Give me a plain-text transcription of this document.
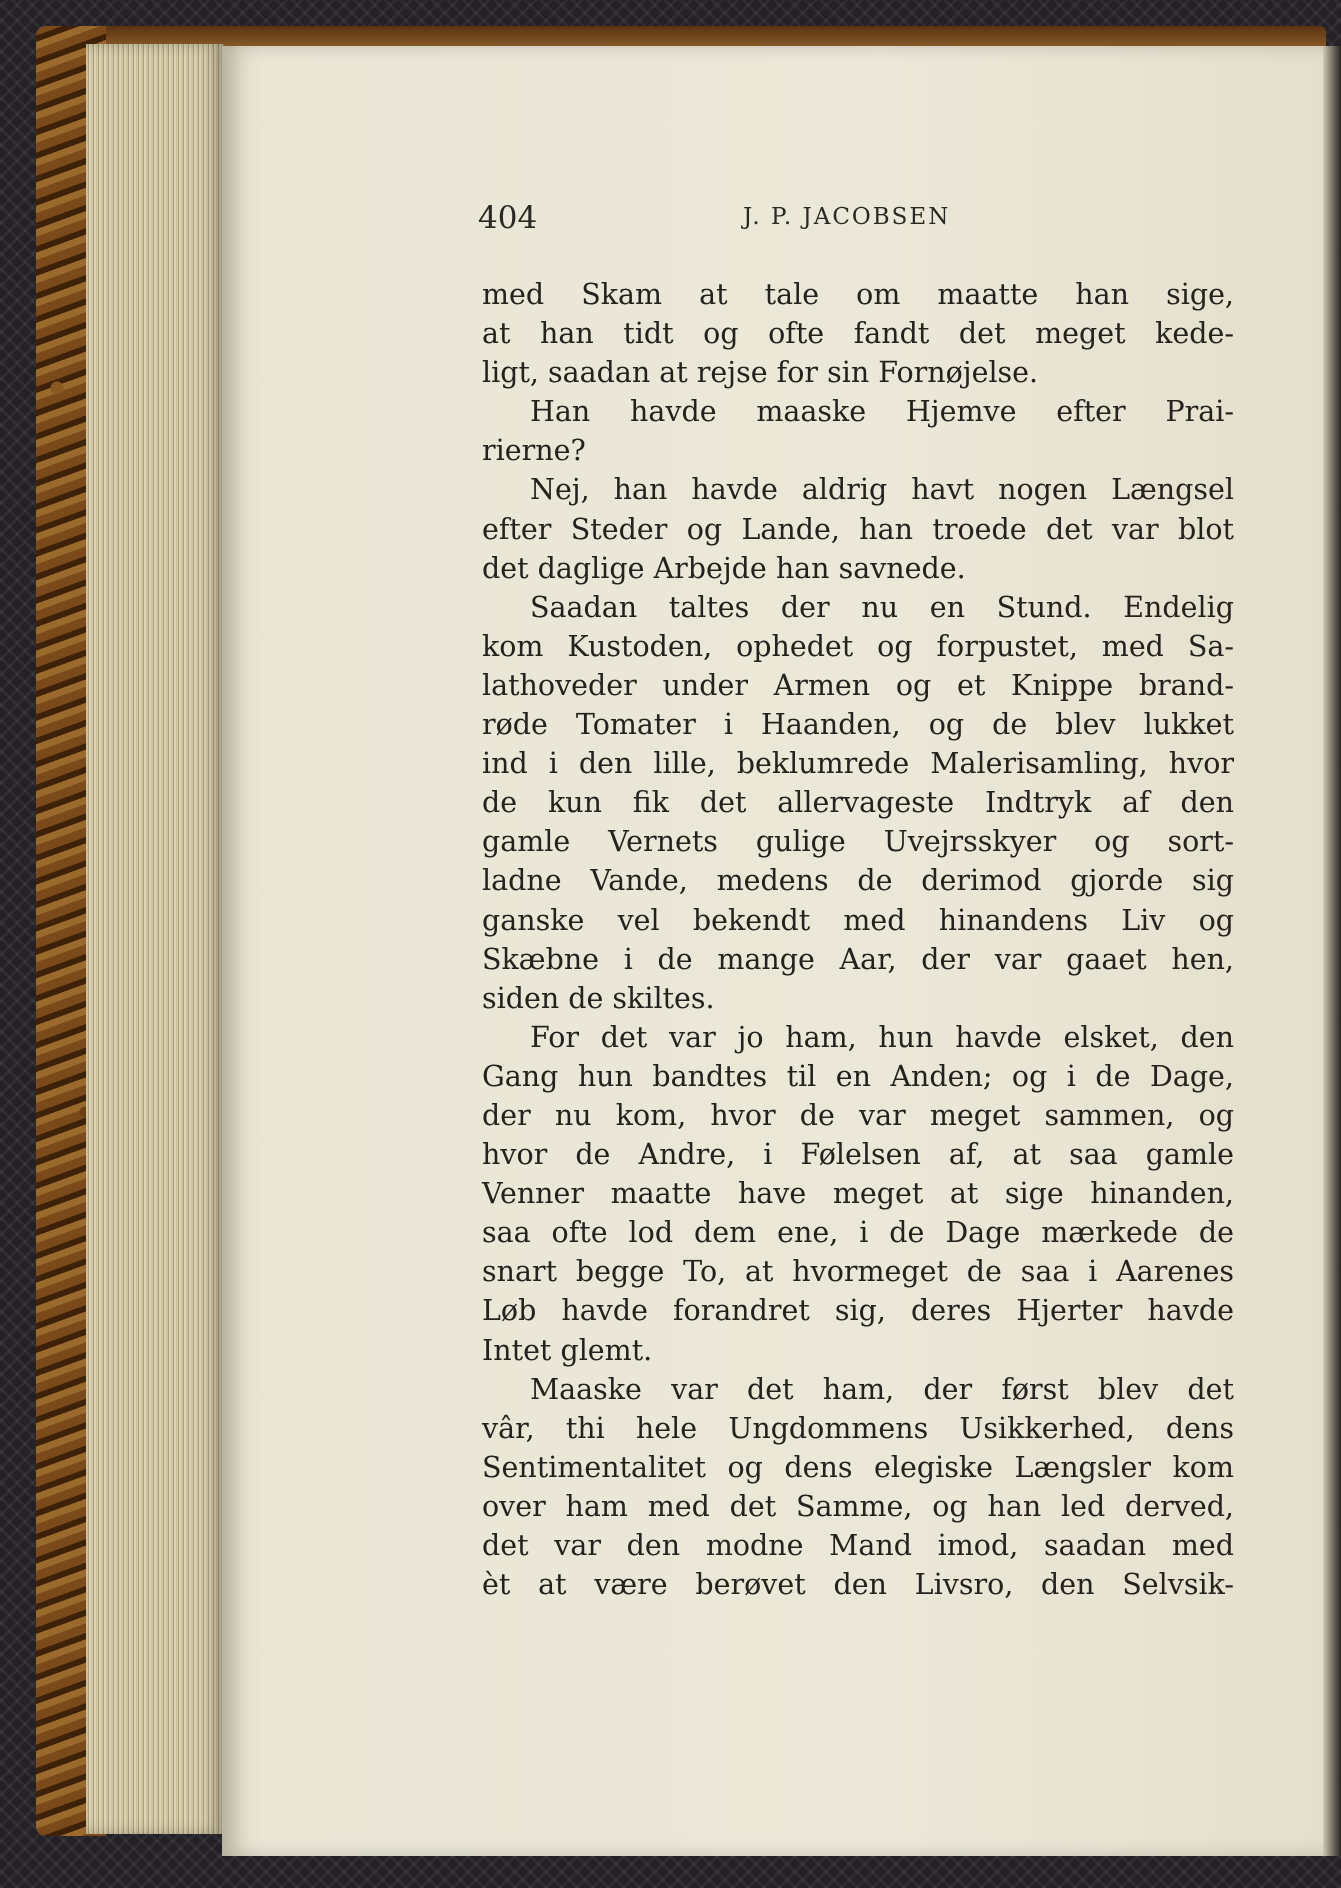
404	J. P. JACOBSEN
med Skam at tale om maatte han sige,
at han tidt og ofte fandt det meget kede-
ligt, saadan at rejse for sin Fornøjelse.
Han havde maaske Hjemve efter Prai-
rierne?
Nej, han havde aldrig havt nogen Længsel
efter Steder og Lande, han troede det var blot
det daglige Arbejde han savnede.
Saadan taltes der nu en Stund. Endelig
kom Kustoden, ophedet og forpustet, med Sa-
lathoveder under Armen og et Knippe brand-
røde Tomater i Haanden, og de blev lukket
ind i den lille, beklumrede Malerisamling, hvor
de kun fik det allervageste Indtryk af den
gamle Vernets gulige Uvejrsskyer og sort-
ladne Vande, medens de derimod gjorde sig
ganske vel bekendt med hinandens Liv og
Skæbne i de mange Aar, der var gaaet hen,
siden de skiltes.
For det var jo ham, hun havde elsket, den
Gang hun bandtes til en Anden; og i de Dage,
der nu kom, hvor de var meget sammen, og
hvor de Andre, i Følelsen af, at saa gamle
Venner maatte have meget at sige hinanden,
saa ofte lod dem ene, i de Dage mærkede de
snart begge To, at hvormeget de saa i Aarenes
Løb havde forandret sig, deres Hjerter havde
Intet glemt.
Maaske var det ham, der først blev det
vâr, thi hele Ungdommens Usikkerhed, dens
Sentimentalitet og dens elegiske Længsler kom
over ham med det Samme, og han led derved,
det var den modne Mand imod, saadan med
èt at være berøvet den Livsro, den Selvsik-
